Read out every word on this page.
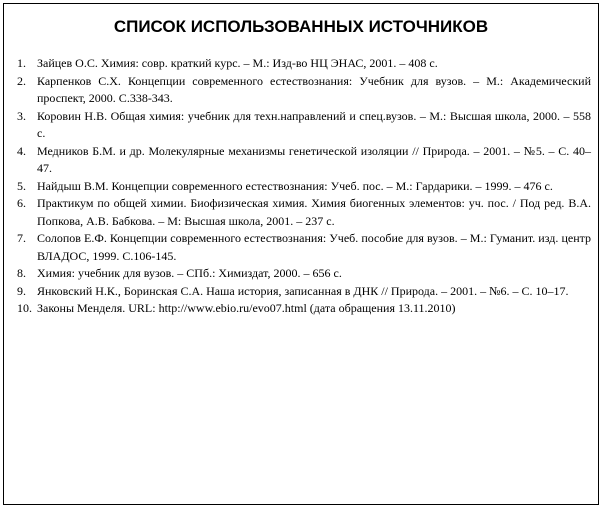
СПИСОК ИСПОЛЬЗОВАННЫХ ИСТОЧНИКОВ
1. Зайцев О.С. Химия: совр. краткий курс. – М.: Изд-во НЦ ЭНАС, 2001. – 408 с.
2. Карпенков С.Х. Концепции современного естествознания: Учебник для вузов. – М.: Академический проспект, 2000. С.338-343.
3. Коровин Н.В. Общая химия: учебник для техн.направлений и спец.вузов. – М.: Высшая школа, 2000. – 558 с.
4. Медников Б.М. и др. Молекулярные механизмы генетической изоляции // Природа. – 2001. – №5. – С. 40–47.
5. Найдыш В.М. Концепции современного естествознания: Учеб. пос. – М.: Гардарики. – 1999. – 476 с.
6. Практикум по общей химии. Биофизическая химия. Химия биогенных элементов: уч. пос. / Под ред. В.А. Попкова, А.В. Бабкова. – М: Высшая школа, 2001. – 237 с.
7. Солопов Е.Ф. Концепции современного естествознания: Учеб. пособие для вузов. – М.: Гуманит. изд. центр ВЛАДОС, 1999. С.106-145.
8. Химия: учебник для вузов. – СПб.: Химиздат, 2000. – 656 с.
9. Янковский Н.К., Боринская С.А. Наша история, записанная в ДНК // Природа. – 2001. – №6. – С. 10–17.
10. Законы Менделя. URL: http://www.ebio.ru/evo07.html (дата обращения 13.11.2010)
